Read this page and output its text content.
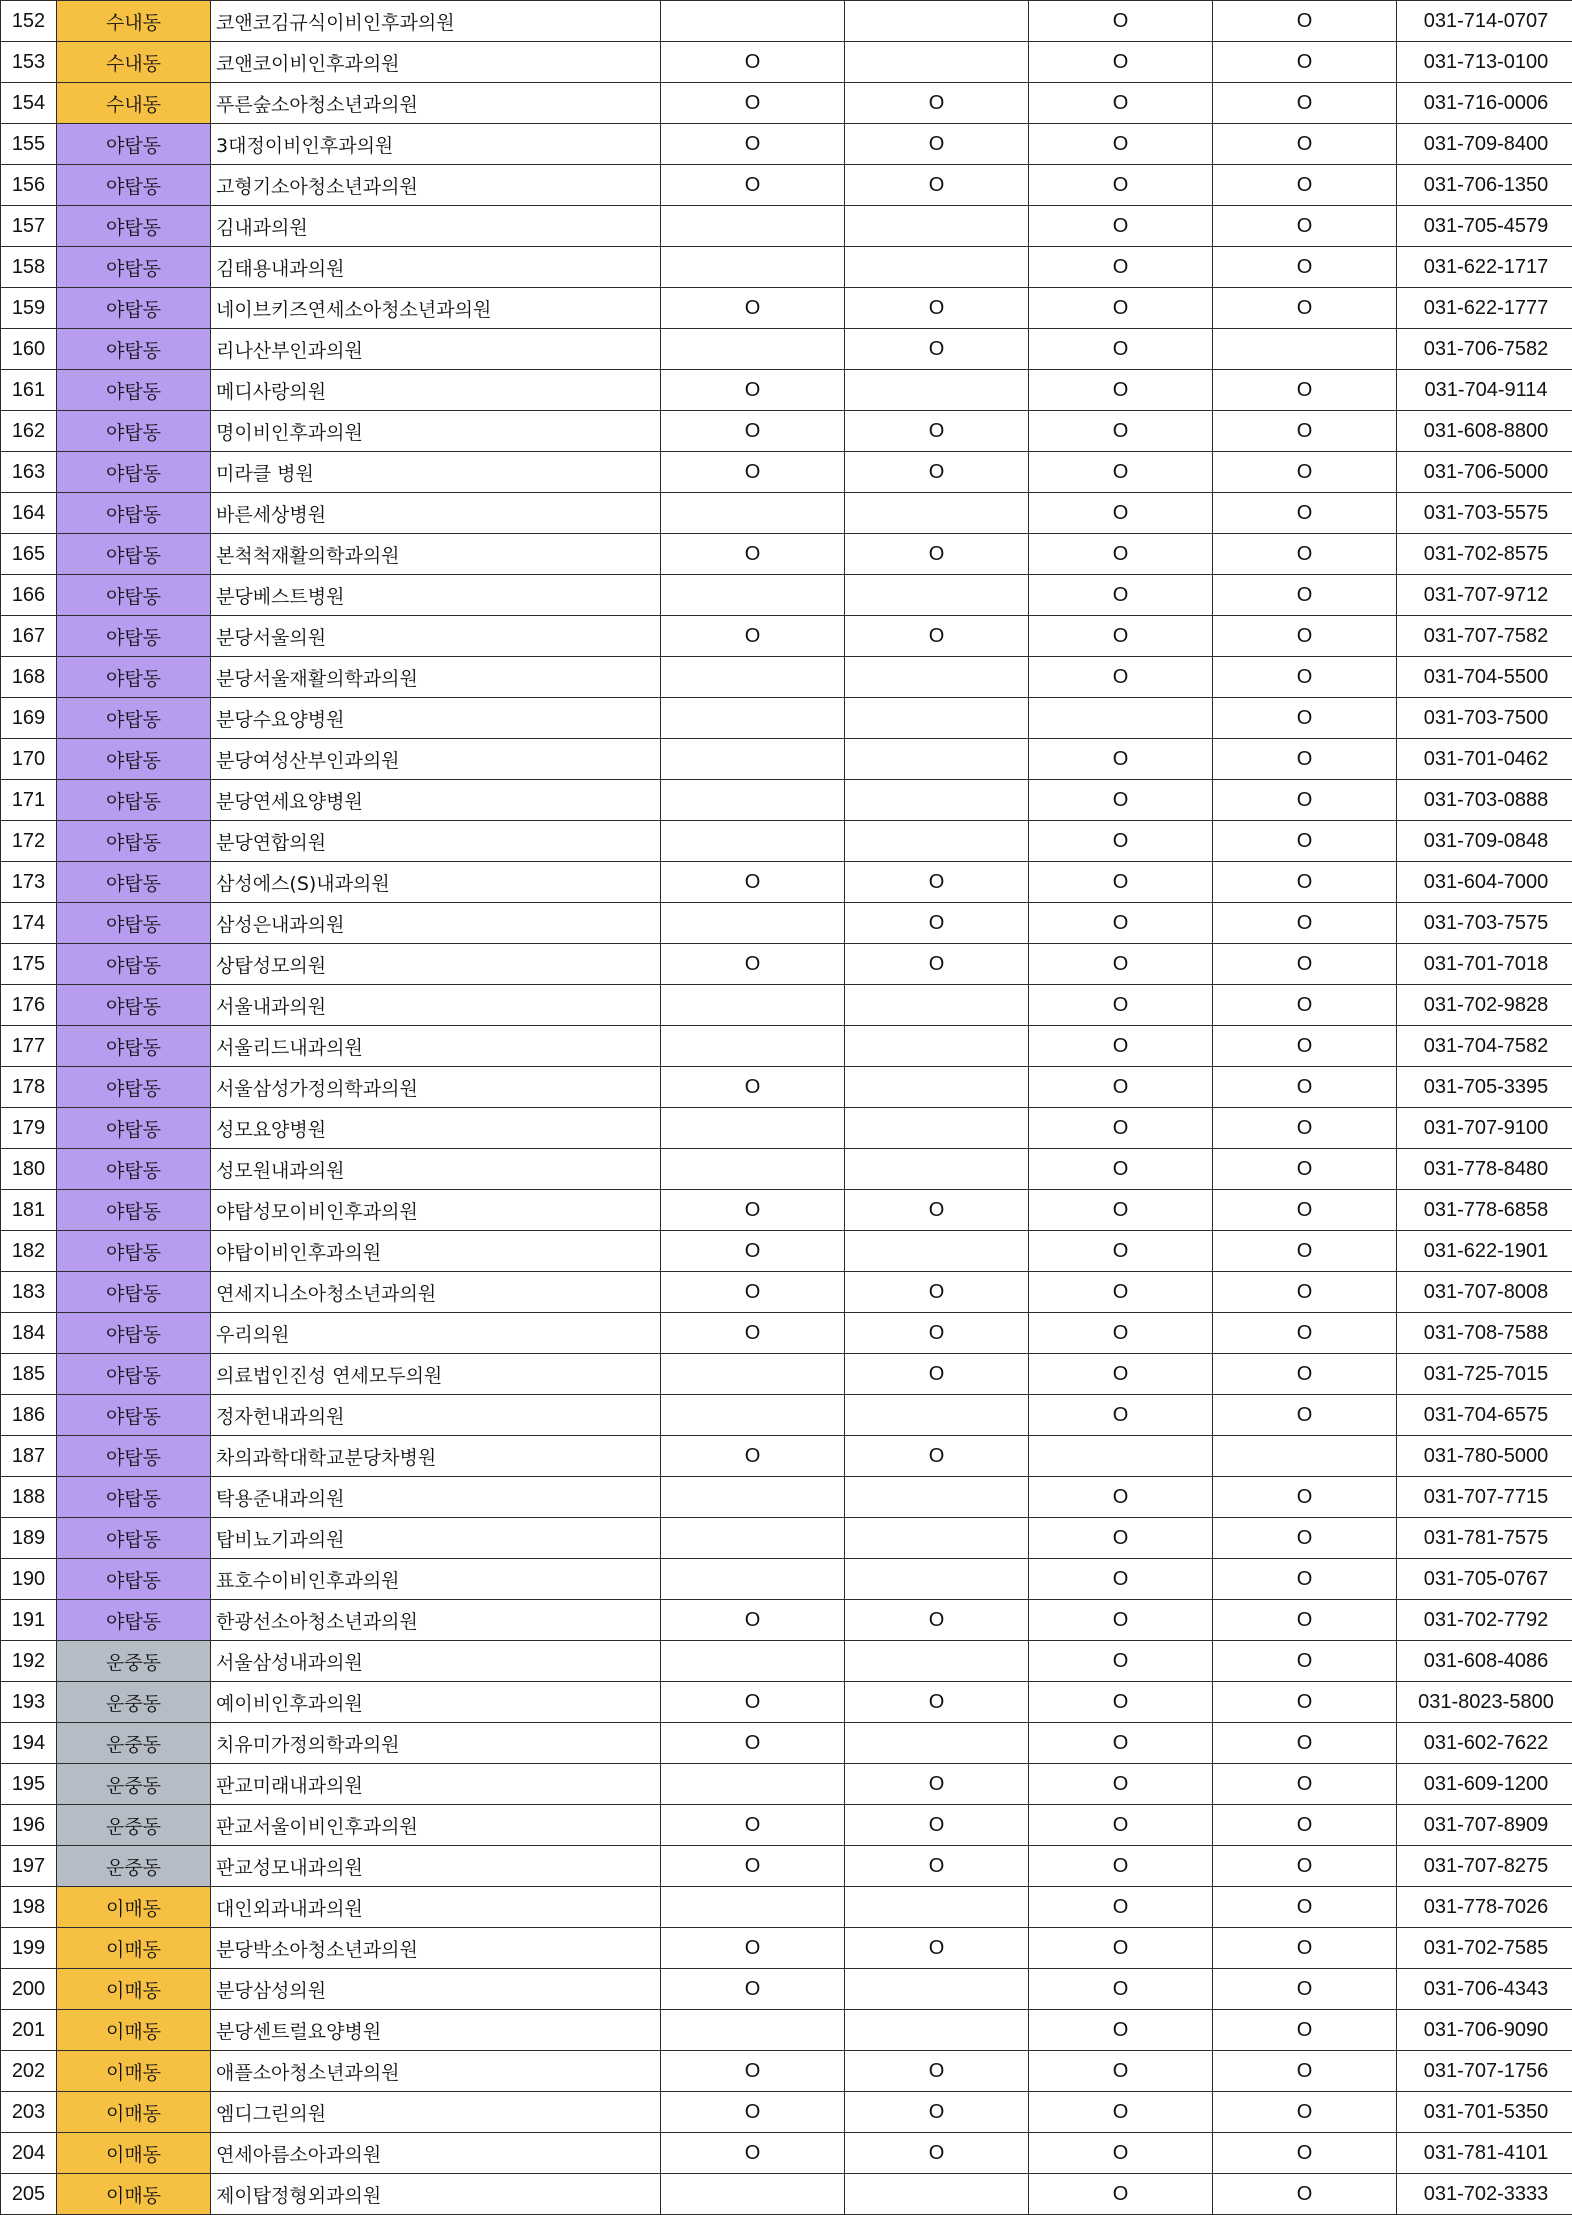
152	수내동	코앤코김규식이비인후과의원			O	O	031-714-0707
153	수내동	코앤코이비인후과의원	O		O	O	031-713-0100
154	수내동	푸른숲소아청소년과의원	O	O	O	O	031-716-0006
155	야탑동	3대정이비인후과의원	O	O	O	O	031-709-8400
156	야탑동	고형기소아청소년과의원	O	O	O	O	031-706-1350
157	야탑동	김내과의원			O	O	031-705-4579
158	야탑동	김태용내과의원			O	O	031-622-1717
159	야탑동	네이브키즈연세소아청소년과의원	O	O	O	O	031-622-1777
160	야탑동	리나산부인과의원		O	O		031-706-7582
161	야탑동	메디사랑의원	O		O	O	031-704-9114
162	야탑동	명이비인후과의원	O	O	O	O	031-608-8800
163	야탑동	미라클 병원	O	O	O	O	031-706-5000
164	야탑동	바른세상병원			O	O	031-703-5575
165	야탑동	본척척재활의학과의원	O	O	O	O	031-702-8575
166	야탑동	분당베스트병원			O	O	031-707-9712
167	야탑동	분당서울의원	O	O	O	O	031-707-7582
168	야탑동	분당서울재활의학과의원			O	O	031-704-5500
169	야탑동	분당수요양병원				O	031-703-7500
170	야탑동	분당여성산부인과의원			O	O	031-701-0462
171	야탑동	분당연세요양병원			O	O	031-703-0888
172	야탑동	분당연합의원			O	O	031-709-0848
173	야탑동	삼성에스(S)내과의원	O	O	O	O	031-604-7000
174	야탑동	삼성은내과의원		O	O	O	031-703-7575
175	야탑동	상탑성모의원	O	O	O	O	031-701-7018
176	야탑동	서울내과의원			O	O	031-702-9828
177	야탑동	서울리드내과의원			O	O	031-704-7582
178	야탑동	서울삼성가정의학과의원	O		O	O	031-705-3395
179	야탑동	성모요양병원			O	O	031-707-9100
180	야탑동	성모원내과의원			O	O	031-778-8480
181	야탑동	야탑성모이비인후과의원	O	O	O	O	031-778-6858
182	야탑동	야탑이비인후과의원	O		O	O	031-622-1901
183	야탑동	연세지니소아청소년과의원	O	O	O	O	031-707-8008
184	야탑동	우리의원	O	O	O	O	031-708-7588
185	야탑동	의료법인진성 연세모두의원		O	O	O	031-725-7015
186	야탑동	정자헌내과의원			O	O	031-704-6575
187	야탑동	차의과학대학교분당차병원	O	O			031-780-5000
188	야탑동	탁용준내과의원			O	O	031-707-7715
189	야탑동	탑비뇨기과의원			O	O	031-781-7575
190	야탑동	표호수이비인후과의원			O	O	031-705-0767
191	야탑동	한광선소아청소년과의원	O	O	O	O	031-702-7792
192	운중동	서울삼성내과의원			O	O	031-608-4086
193	운중동	예이비인후과의원	O	O	O	O	031-8023-5800
194	운중동	치유미가정의학과의원	O		O	O	031-602-7622
195	운중동	판교미래내과의원		O	O	O	031-609-1200
196	운중동	판교서울이비인후과의원	O	O	O	O	031-707-8909
197	운중동	판교성모내과의원	O	O	O	O	031-707-8275
198	이매동	대인외과내과의원			O	O	031-778-7026
199	이매동	분당박소아청소년과의원	O	O	O	O	031-702-7585
200	이매동	분당삼성의원	O		O	O	031-706-4343
201	이매동	분당센트럴요양병원			O	O	031-706-9090
202	이매동	애플소아청소년과의원	O	O	O	O	031-707-1756
203	이매동	엠디그린의원	O	O	O	O	031-701-5350
204	이매동	연세아름소아과의원	O	O	O	O	031-781-4101
205	이매동	제이탑정형외과의원			O	O	031-702-3333
